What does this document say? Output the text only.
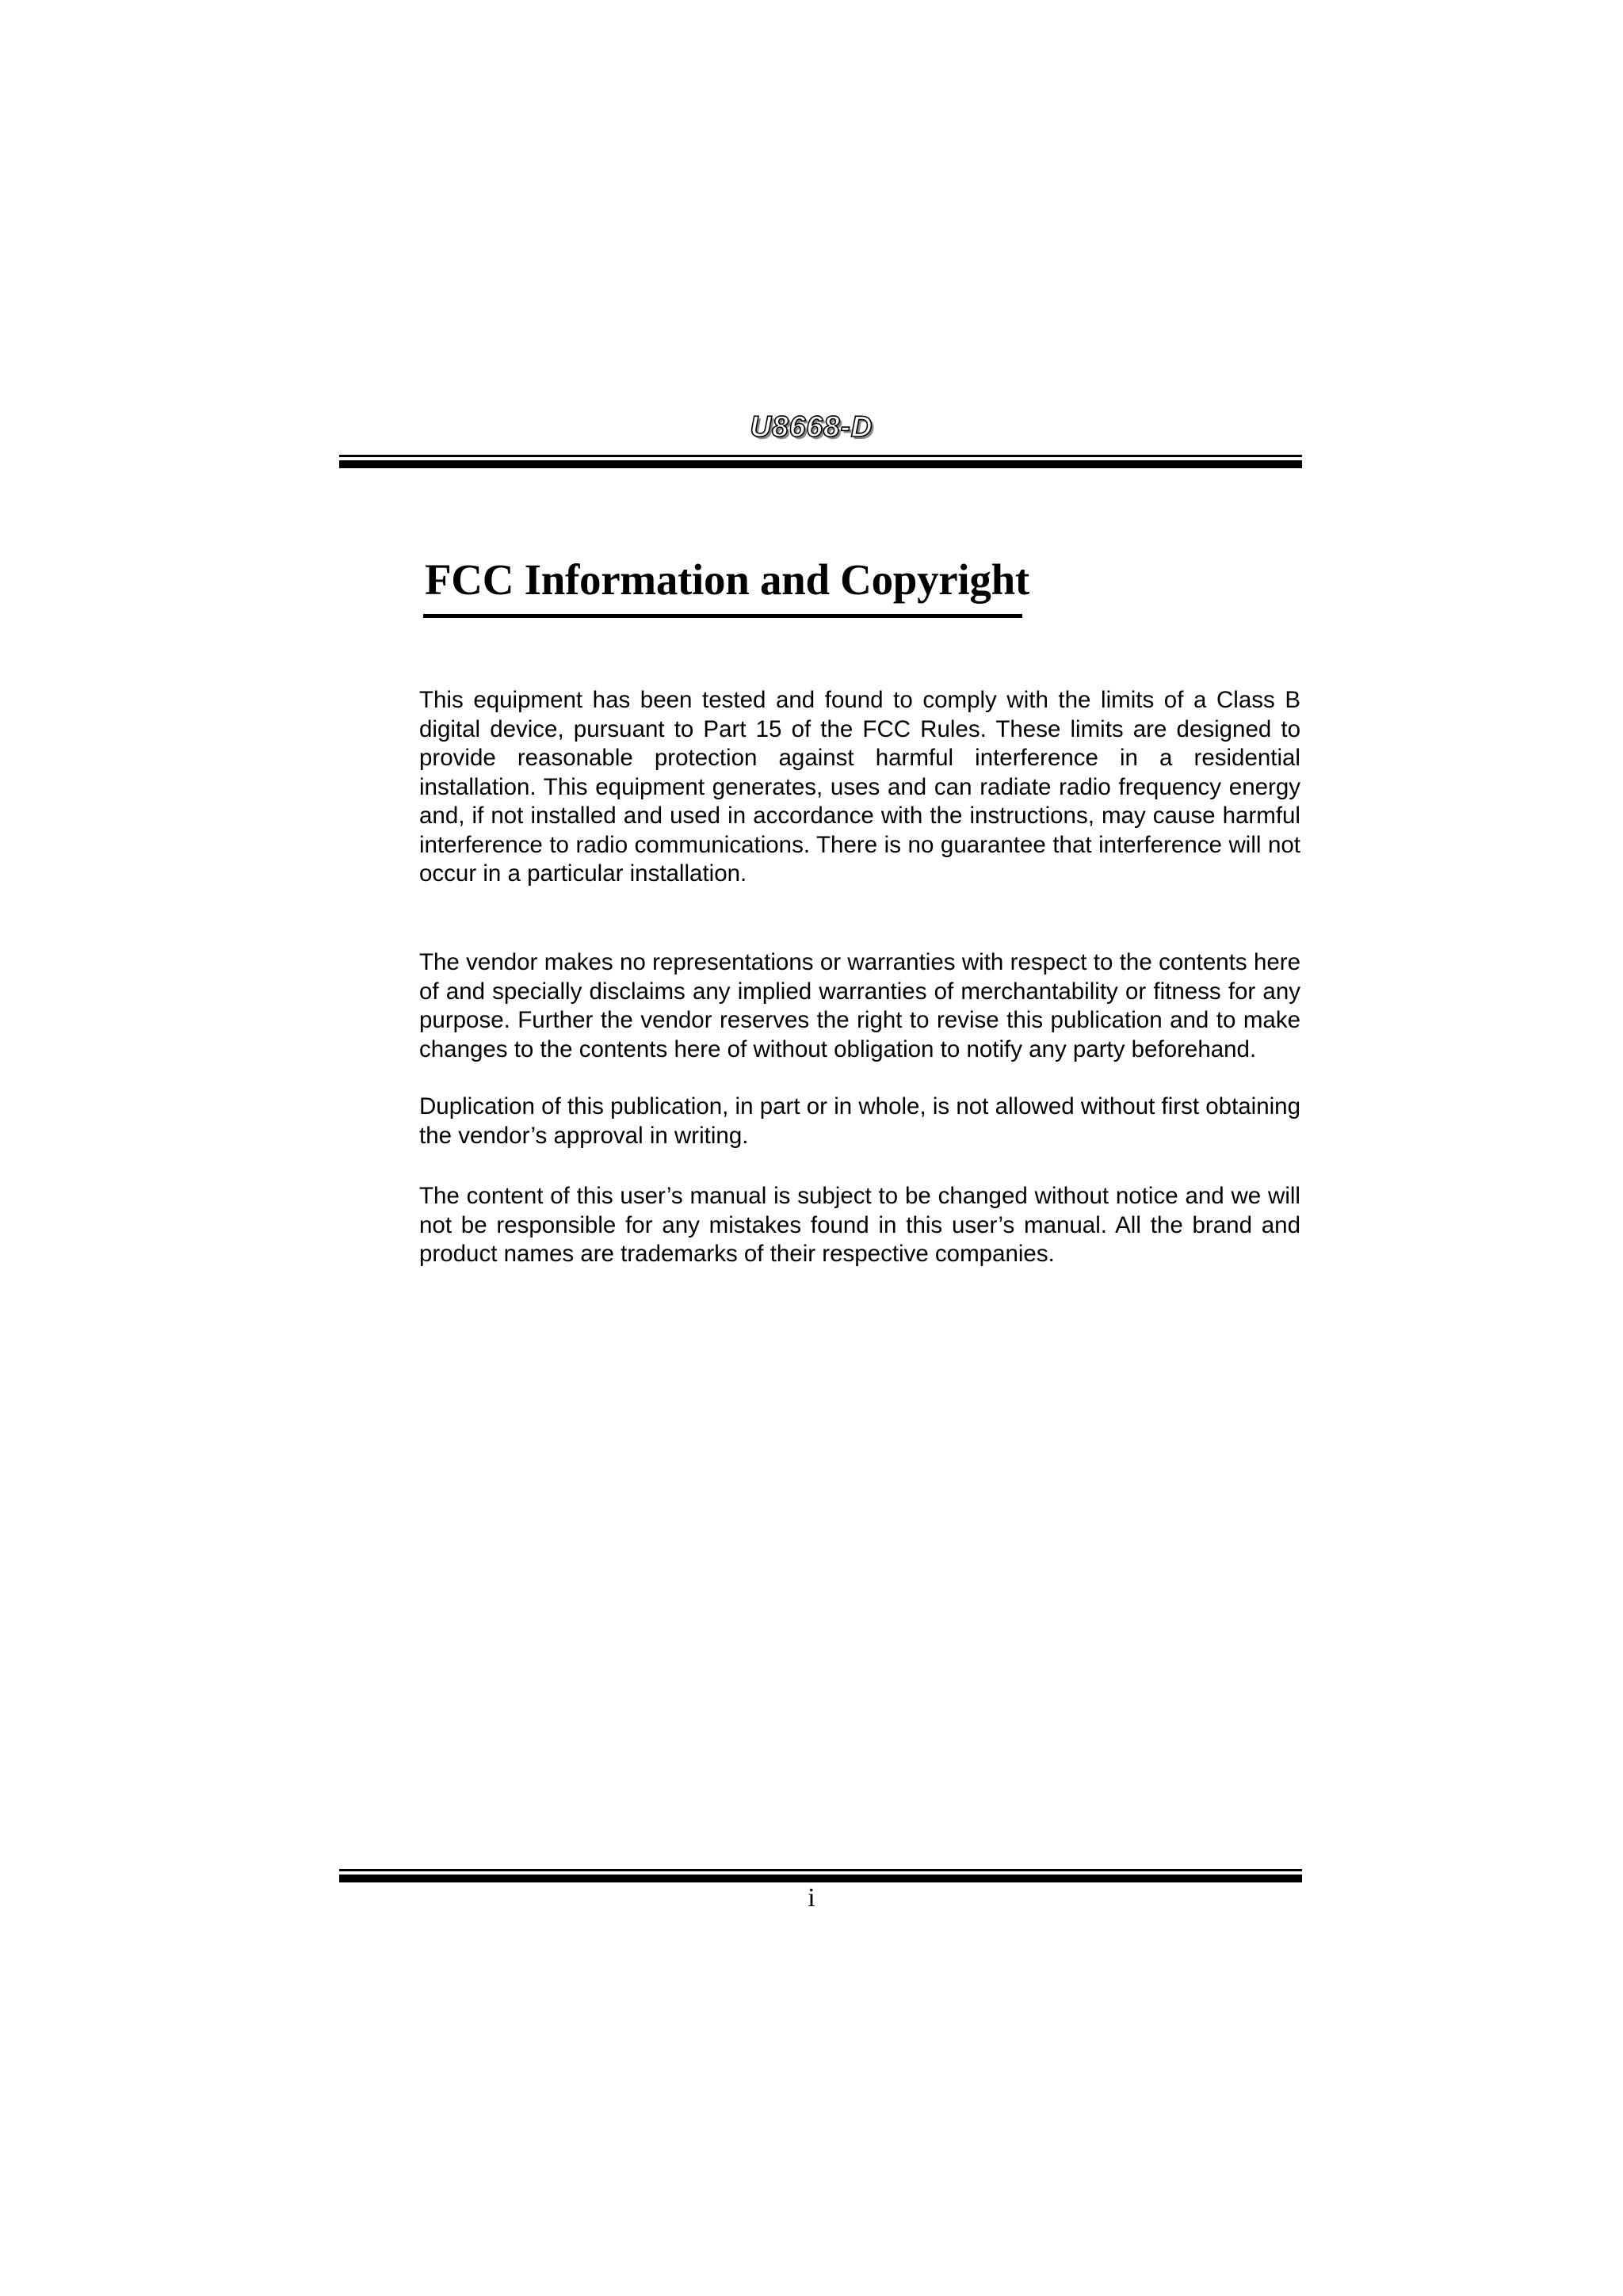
U8668-D
FCC Information and Copyright

This equipment has been tested and found to comply with the limits of a Class B digital device, pursuant to Part 15 of the FCC Rules. These limits are designed to provide reasonable protection against harmful interference in a residential installation. This equipment generates, uses and can radiate radio frequency energy and, if not installed and used in accordance with the instructions, may cause harmful interference to radio communications. There is no guarantee that interference will not occur in a particular installation.

The vendor makes no representations or warranties with respect to the contents here of and specially disclaims any implied warranties of merchantability or fitness for any purpose. Further the vendor reserves the right to revise this publication and to make changes to the contents here of without obligation to notify any party beforehand.

Duplication of this publication, in part or in whole, is not allowed without first obtaining the vendor’s approval in writing.

The content of this user’s manual is subject to be changed without notice and we will not be responsible for any mistakes found in this user’s manual. All the brand and product names are trademarks of their respective companies.

i
